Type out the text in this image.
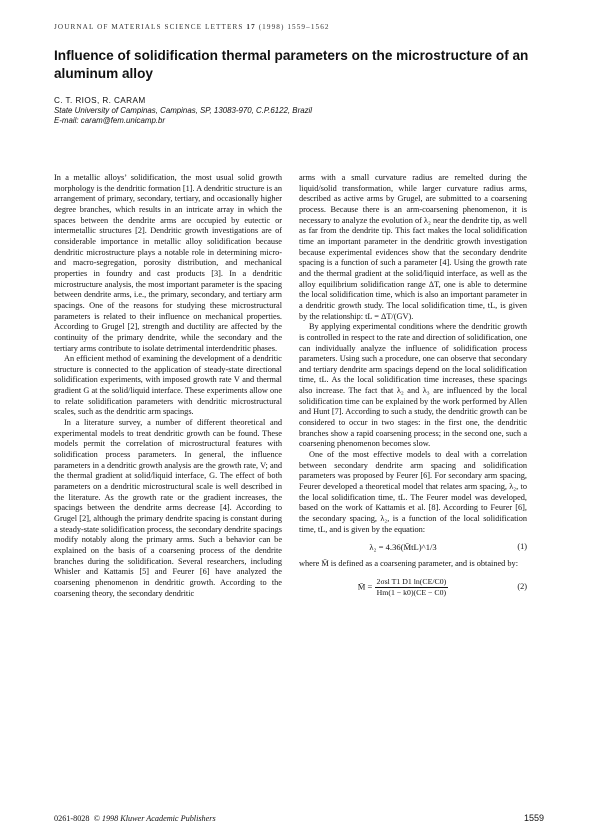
JOURNAL OF MATERIALS SCIENCE LETTERS 17 (1998) 1559–1562
Influence of solidification thermal parameters on the microstructure of an aluminum alloy
C. T. RIOS, R. CARAM
State University of Campinas, Campinas, SP, 13083-970, C.P.6122, Brazil
E-mail: caram@fem.unicamp.br

In a metallic alloys’ solidification, the most usual solid growth morphology is the dendritic formation [1]. A dendritic structure is an arrangement of primary, secondary, tertiary, and occasionally higher degree branches, which results in an intricate array in which the spaces between the dendrite arms are occupied by eutectic or intermetallic structures [2]. Dendritic growth investigations are of considerable importance in metallic alloy solidification because dendritic microstructure plays a notable role in determining micro- and macro-segregation, porosity distribution, and mechanical properties in foundry and cast products [3]. In a dendritic microstructure analysis, the most important parameter is the spacing between dendrite arms, i.e., the primary, secondary, and tertiary arm spacings. One of the reasons for studying these microstructural parameters is related to their influence on mechanical properties. According to Grugel [2], strength and ductility are affected by the continuity of the primary dendrite, while the secondary and the tertiary arms contribute to isolate detrimental interdendritic phases.

An efficient method of examining the development of a dendritic structure is connected to the application of steady-state directional solidification experiments, with imposed growth rate V and thermal gradient G at the solid/liquid interface. These experiments allow one to relate solidification parameters with dendritic microstructural scales, such as the dendritic arm spacings.

In a literature survey, a number of different theoretical and experimental models to treat dendritic growth can be found. These models permit the correlation of microstructural features with solidification process parameters. In general, the influence parameters in a dendritic growth analysis are the growth rate, V; and the thermal gradient at solid/liquid interface, G. The effect of both parameters on a dendritic microstructural scale is well described in the literature. As the growth rate or the gradient increases, the spacings between the dendrite arms decrease [4]. According to Grugel [2], although the primary dendrite spacing is constant during a steady-state solidification process, the secondary dendrite spacings modify notably along the primary arms. Such a behavior can be explained on the basis of a coarsening process of the dendrite branches during the solidification. Several researchers, including Whisler and Kattamis [5] and Feurer [6] have analyzed the coarsening phenomenon in dendritic growth. According to the coarsening theory, the secondary dendritic

arms with a small curvature radius are remelted during the liquid/solid transformation, while larger curvature radius arms, described as active arms by Grugel, are submitted to a coarsening process. Because there is an arm-coarsening phenomenon, it is necessary to analyze the evolution of λ₂ near the dendrite tip, as well as far from the dendrite tip. This fact makes the local solidification time an important parameter in the dendritic growth investigation because experimental evidences show that the secondary dendrite spacing is a function of such a parameter [4]. Using the growth rate and the thermal gradient at the solid/liquid interface, as well as the alloy equilibrium solidification range ΔT, one is able to determine the local solidification time, which is also an important parameter in a dendritic growth study. The local solidification time, tL, is given by the relationship: tL = ΔT/(GV).

By applying experimental conditions where the dendritic growth is controlled in respect to the rate and direction of solidification, one can individually analyze the influence of solidification process parameters. Using such a procedure, one can observe that secondary and tertiary dendrite arm spacings depend on the local solidification time, tL. As the local solidification time increases, these spacings also increase. The fact that λ₂ and λ₃ are influenced by the local solidification time can be explained by the work performed by Allen and Hunt [7]. According to such a study, the dendritic growth can be considered to occur in two stages: in the first one, the dendritic branches show a rapid coarsening process; in the second one, such a coarsening phenomenon becomes slow.

One of the most effective models to deal with a correlation between secondary dendrite arm spacing and solidification parameters was proposed by Feurer [6]. For secondary arm spacing, Feurer developed a theoretical model that relates arm spacing, λ₂, to the local solidification time, tL. The Feurer model was developed, based on the work of Kattamis et al. [8]. According to Feurer [6], the secondary spacing, λ₂, is a function of the local solidification time, tL, and is given by the equation:

λ₂ = 4.36(M̄tL)^1/3	(1)

where M̄ is defined as a coarsening parameter, and is obtained by:

M̄ = $\frac{\text{2σsl T1 D1 ln(CE/C0)}}{Hm(1 - k0)(CE - C0)}$	(2)
0261-8028 © 1998 Kluwer Academic Publishers	1559
